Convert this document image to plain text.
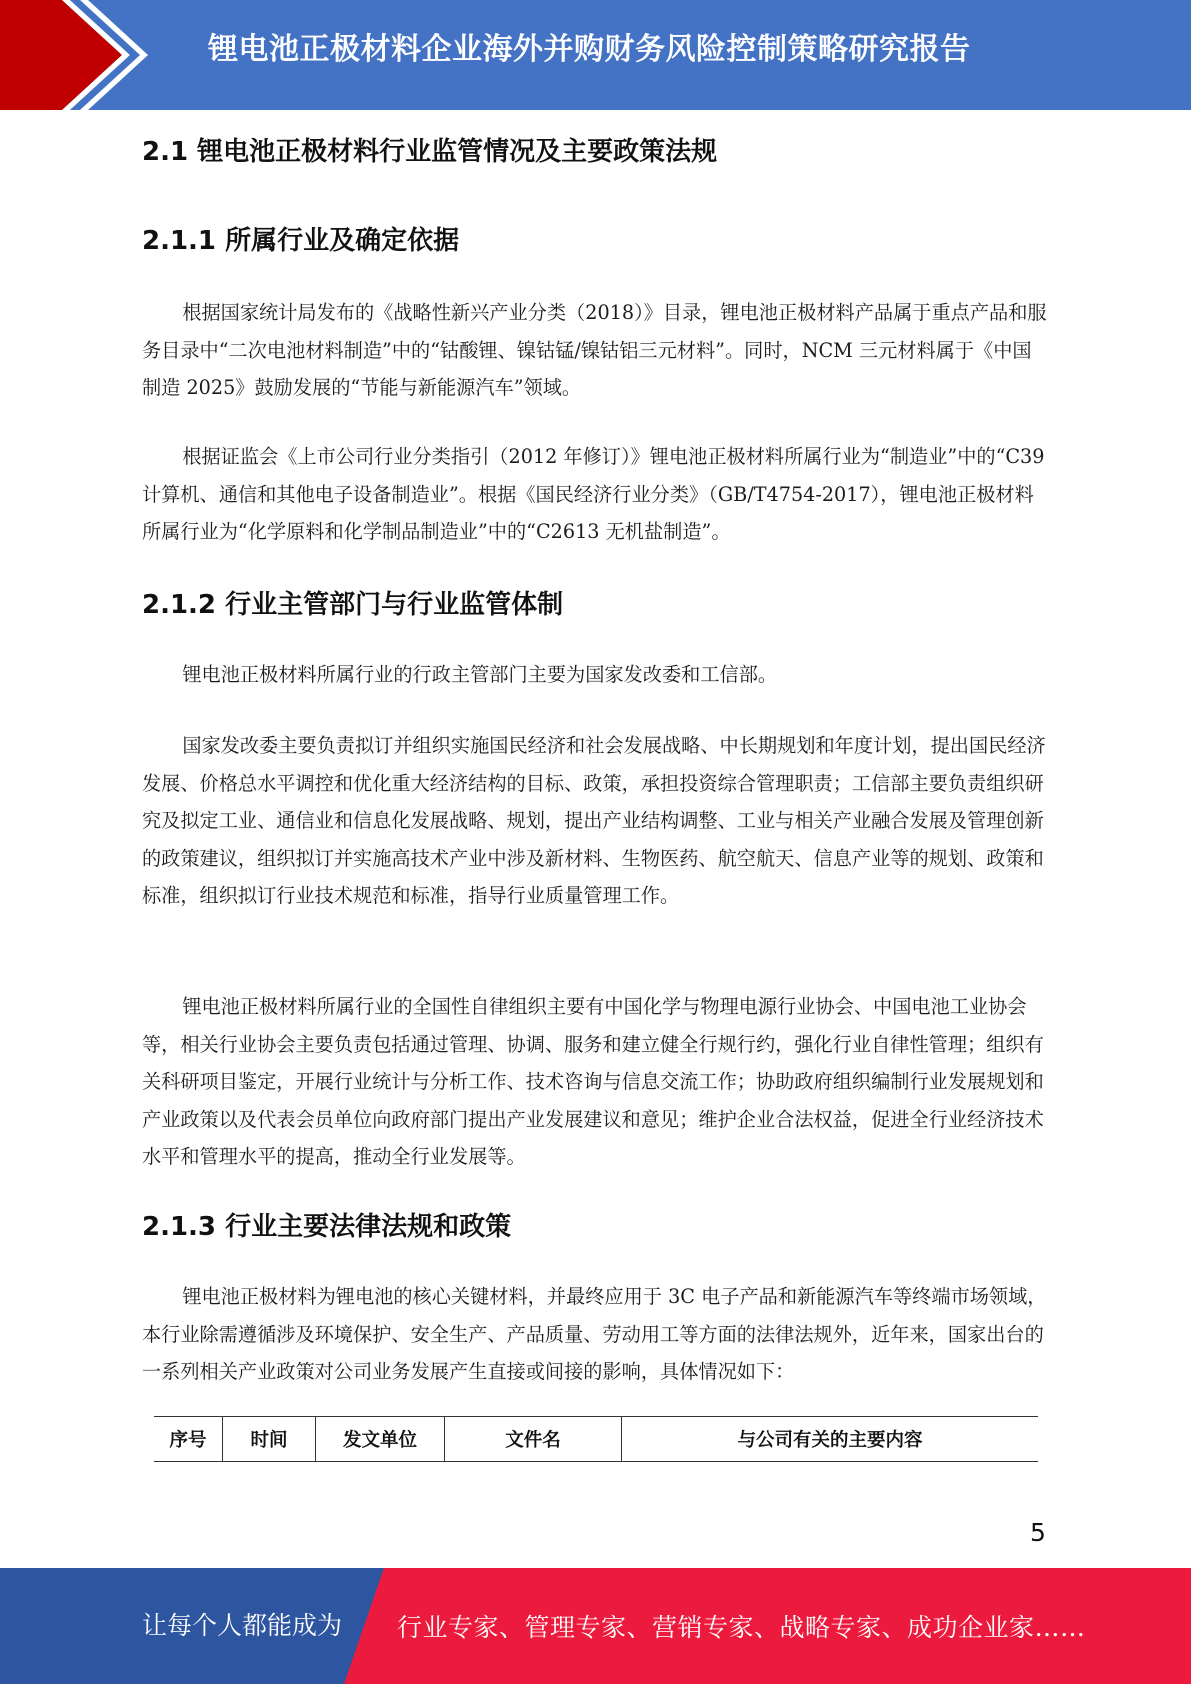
锂电池正极材料企业海外并购财务风险控制策略研究报告
2.1 锂电池正极材料行业监管情况及主要政策法规
2.1.1 所属行业及确定依据

根据国家统计局发布的《战略性新兴产业分类（2018）》目录，锂电池正极材料产品属于重点产品和服务目录中“二次电池材料制造”中的“钴酸锂、镍钴锰/镍钴铝三元材料”。同时，NCM 三元材料属于《中国制造 2025》鼓励发展的“节能与新能源汽车”领域。

根据证监会《上市公司行业分类指引（2012 年修订）》锂电池正极材料所属行业为“制造业”中的“C39 计算机、通信和其他电子设备制造业”。根据《国民经济行业分类》（GB/T4754-2017），锂电池正极材料所属行业为“化学原料和化学制品制造业”中的“C2613 无机盐制造”。

2.1.2 行业主管部门与行业监管体制

锂电池正极材料所属行业的行政主管部门主要为国家发改委和工信部。

国家发改委主要负责拟订并组织实施国民经济和社会发展战略、中长期规划和年度计划，提出国民经济发展、价格总水平调控和优化重大经济结构的目标、政策，承担投资综合管理职责；工信部主要负责组织研究及拟定工业、通信业和信息化发展战略、规划，提出产业结构调整、工业与相关产业融合发展及管理创新的政策建议，组织拟订并实施高技术产业中涉及新材料、生物医药、航空航天、信息产业等的规划、政策和标准，组织拟订行业技术规范和标准，指导行业质量管理工作。

锂电池正极材料所属行业的全国性自律组织主要有中国化学与物理电源行业协会、中国电池工业协会等，相关行业协会主要负责包括通过管理、协调、服务和建立健全行规行约，强化行业自律性管理；组织有关科研项目鉴定，开展行业统计与分析工作、技术咨询与信息交流工作；协助政府组织编制行业发展规划和产业政策以及代表会员单位向政府部门提出产业发展建议和意见；维护企业合法权益，促进全行业经济技术水平和管理水平的提高，推动全行业发展等。

2.1.3 行业主要法律法规和政策

锂电池正极材料为锂电池的核心关键材料，并最终应用于 3C 电子产品和新能源汽车等终端市场领域，本行业除需遵循涉及环境保护、安全生产、产品质量、劳动用工等方面的法律法规外，近年来，国家出台的一系列相关产业政策对公司业务发展产生直接或间接的影响，具体情况如下：

序号	时间	发文单位	文件名	与公司有关的主要内容
5
让每个人都能成为 行业专家、管理专家、营销专家、战略专家、成功企业家……
